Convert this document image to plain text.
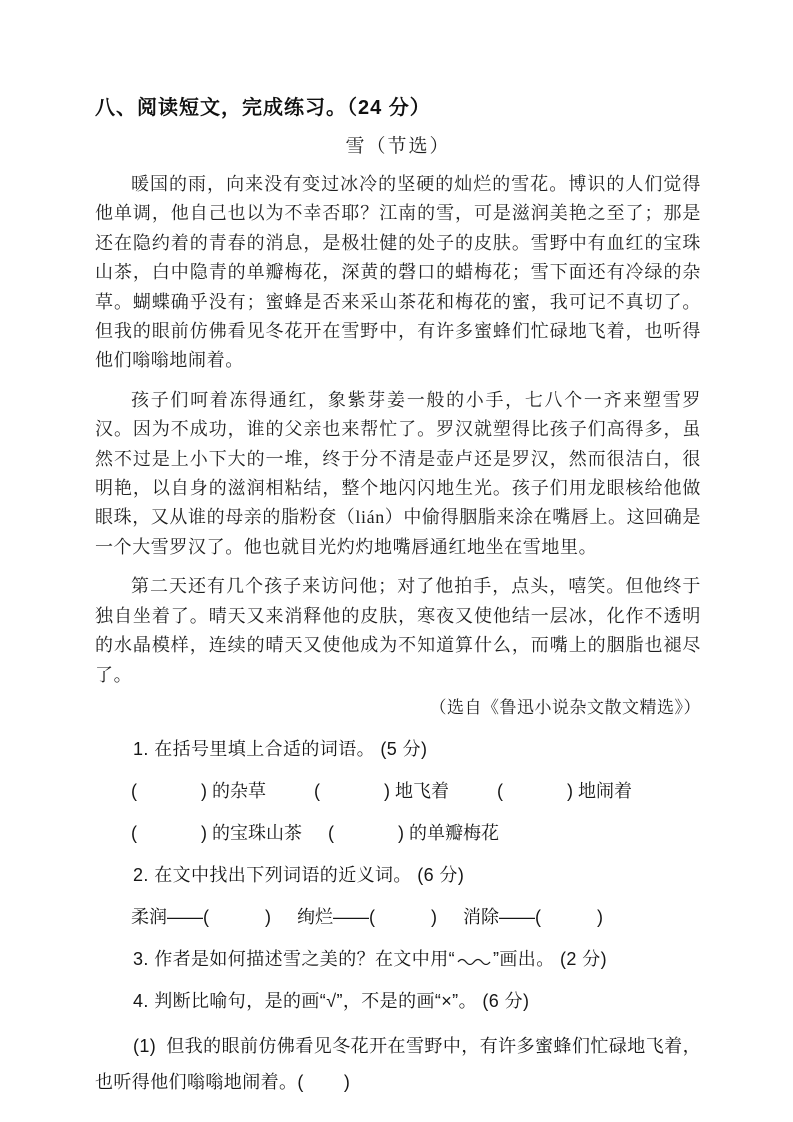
八、阅读短文，完成练习。（24 分）
雪（节选）

暖国的雨，向来没有变过冰冷的坚硬的灿烂的雪花。博识的人们觉得他单调，他自己也以为不幸否耶？江南的雪，可是滋润美艳之至了；那是还在隐约着的青春的消息，是极壮健的处子的皮肤。雪野中有血红的宝珠山茶，白中隐青的单瓣梅花，深黄的磬口的蜡梅花；雪下面还有冷绿的杂草。蝴蝶确乎没有；蜜蜂是否来采山茶花和梅花的蜜，我可记不真切了。但我的眼前仿佛看见冬花开在雪野中，有许多蜜蜂们忙碌地飞着，也听得他们嗡嗡地闹着。

孩子们呵着冻得通红，象紫芽姜一般的小手，七八个一齐来塑雪罗汉。因为不成功，谁的父亲也来帮忙了。罗汉就塑得比孩子们高得多，虽然不过是上小下大的一堆，终于分不清是壶卢还是罗汉，然而很洁白，很明艳，以自身的滋润相粘结，整个地闪闪地生光。孩子们用龙眼核给他做眼珠，又从谁的母亲的脂粉奁（lián）中偷得胭脂来涂在嘴唇上。这回确是一个大雪罗汉了。他也就目光灼灼地嘴唇通红地坐在雪地里。

第二天还有几个孩子来访问他；对了他拍手，点头，嘻笑。但他终于独自坐着了。晴天又来消释他的皮肤，寒夜又使他结一层冰，化作不透明的水晶模样，连续的晴天又使他成为不知道算什么，而嘴上的胭脂也褪尽了。

（选自《鲁迅小说杂文散文精选》）
1. 在括号里填上合适的词语。 (5 分)
(	) 的杂草	(	) 地飞着	(	) 地闹着
(	) 的宝珠山茶 (	) 的单瓣梅花
2. 在文中找出下列词语的近义词。 (6 分)
柔润——(	) 绚烂——(	) 消除——(	)
3. 作者是如何描述雪之美的？在文中用“ ”画出。 (2 分)
4. 判断比喻句，是的画“√”，不是的画“×”。 (6 分)

(1) 但我的眼前仿佛看见冬花开在雪野中，有许多蜜蜂们忙碌地飞着，也听得他们嗡嗡地闹着。( )
